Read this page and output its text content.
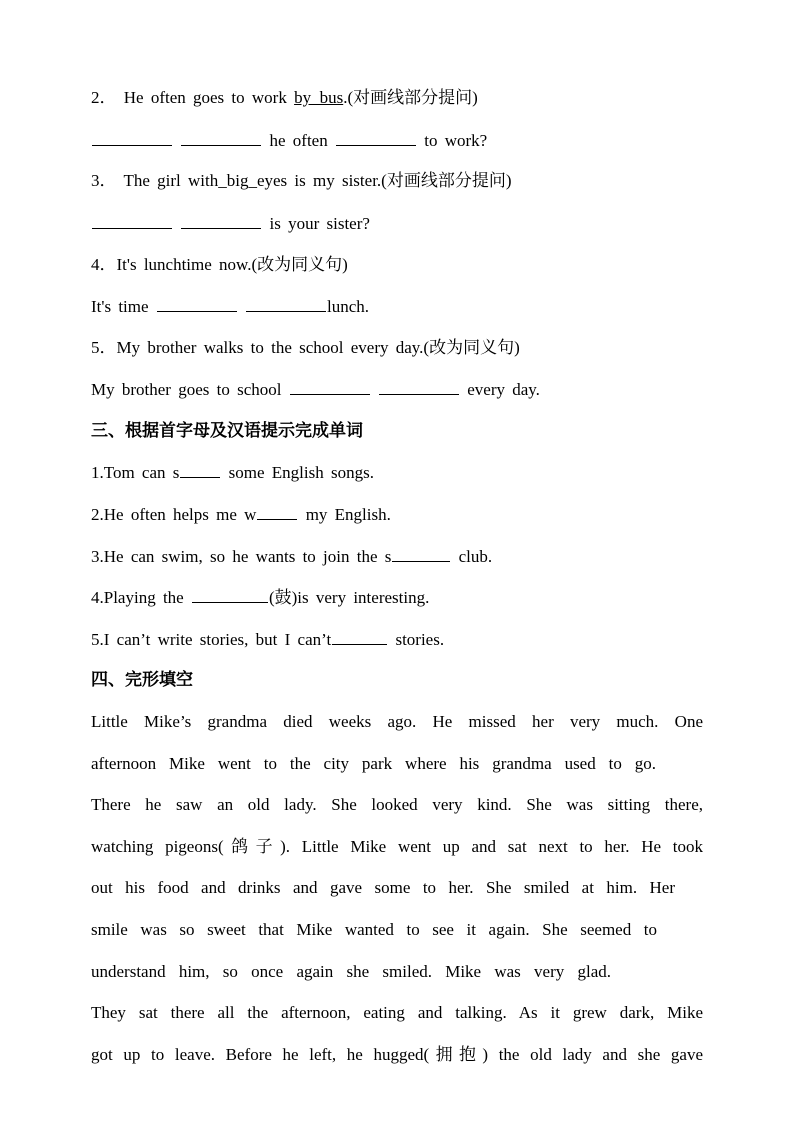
2． He often goes to work by_bus.(对画线部分提问)
he often	to work?
3． The girl with_big_eyes is my sister.(对画线部分提问)
is your sister?
4．It's lunchtime now.(改为同义句)
It's time	lunch.
5．My brother walks to the school every day.(改为同义句)
My brother goes to school	every day.
三、根据首字母及汉语提示完成单词
1.Tom can s some English songs.
2.He often helps me w my English.
3.He can swim, so he wants to join the s	club.
4.Playing the	(鼓)is very interesting.
5.I can’t write stories, but I can’t	stories.
四、完形填空
Little Mike’s grandma died weeks ago. He missed her very much. One
afternoon Mike went to the city park where his grandma used to go.
There he saw an old lady. She looked very kind. She was sitting there,
watching pigeons(鸽子). Little Mike went up and sat next to her. He took
out his food and drinks and gave some to her. She smiled at him. Her
smile was so sweet that Mike wanted to see it again. She seemed to
understand him, so once again she smiled. Mike was very glad.
They sat there all the afternoon, eating and talking. As it grew dark, Mike
got up to leave. Before he left, he hugged(拥抱) the old lady and she gave
